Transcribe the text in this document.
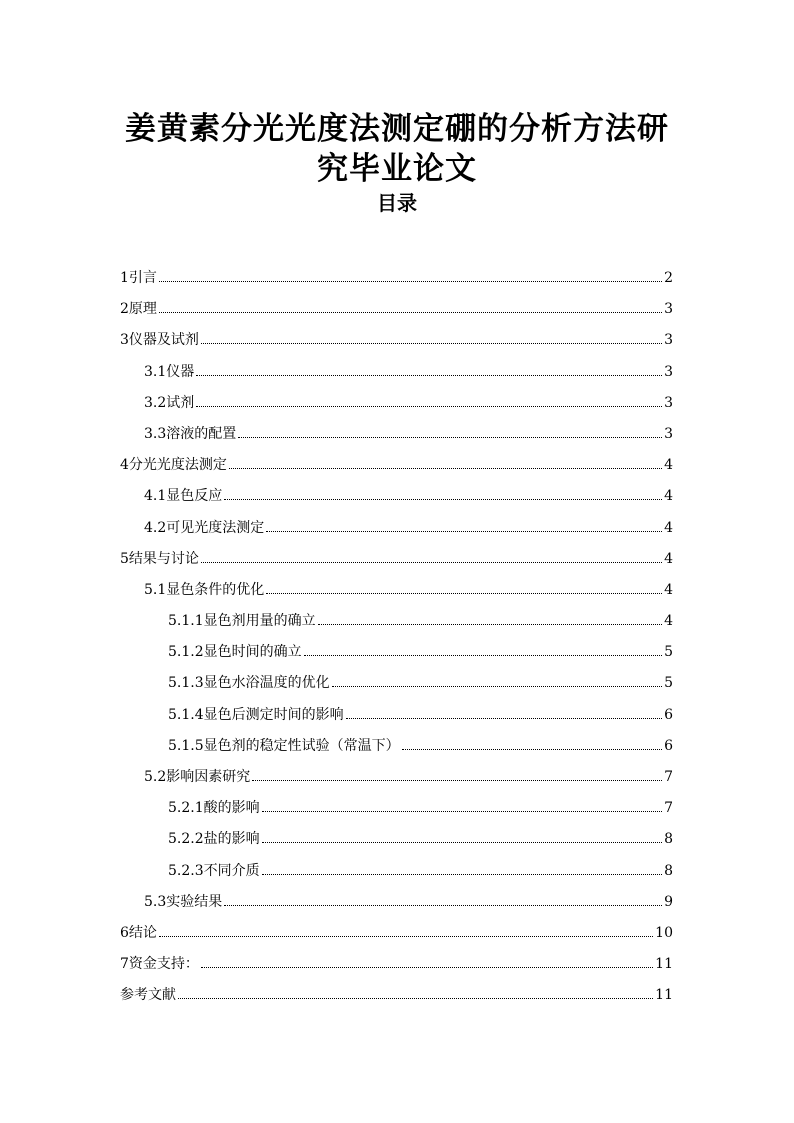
姜黄素分光光度法测定硼的分析方法研
究毕业论文
目录
1 引言	2
2 原理	3
3 仪器及试剂	3
3.1 仪器	3
3.2 试剂	3
3.3 溶液的配置	3
4 分光光度法测定	4
4.1 显色反应	4
4.2 可见光度法测定	4
5 结果与讨论	4
5.1 显色条件的优化	4
5.1.1 显色剂用量的确立	4
5.1.2 显色时间的确立	5
5.1.3 显色水浴温度的优化	5
5.1.4 显色后测定时间的影响	6
5.1.5 显色剂的稳定性试验（常温下）	6
5.2 影响因素研究	7
5.2.1 酸的影响	7
5.2.2 盐的影响	8
5.2.3 不同介质	8
5.3 实验结果	9
6 结论	10
7 资金支持：	11
参考文献	11
